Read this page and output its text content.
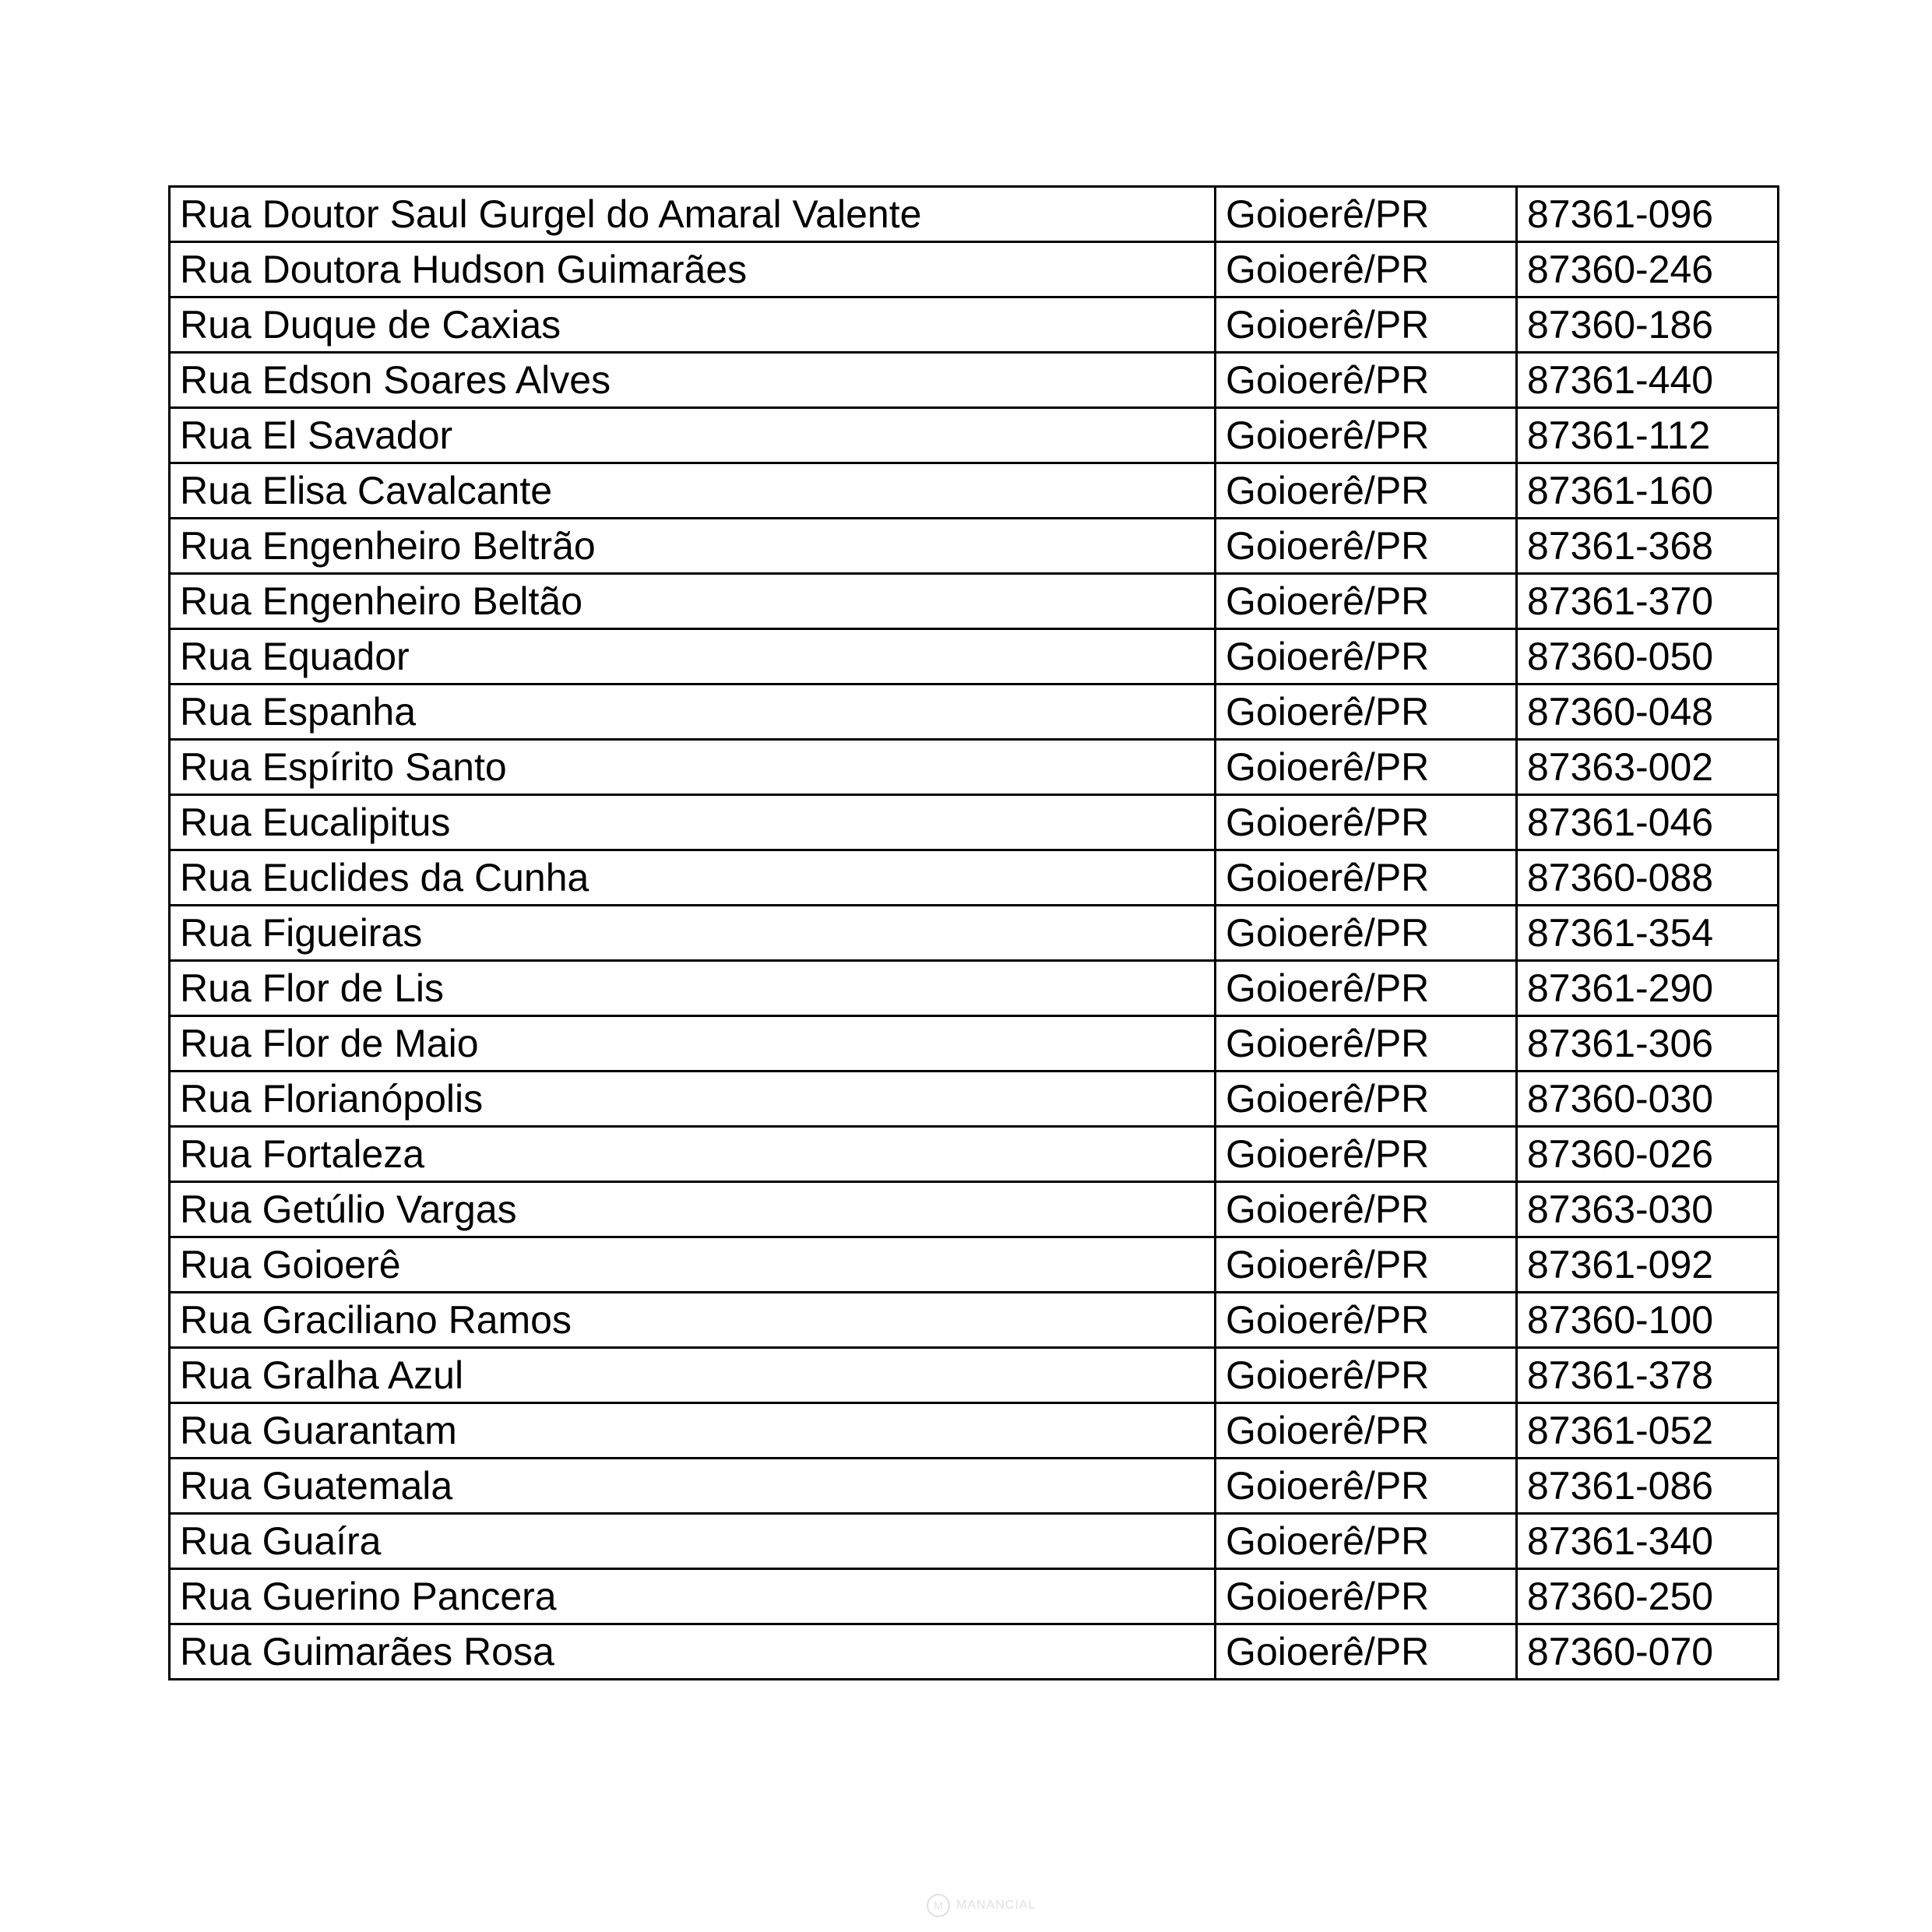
Rua Doutor Saul Gurgel do Amaral Valente	Goioerê/PR	87361-096
Rua Doutora Hudson Guimarães	Goioerê/PR	87360-246
Rua Duque de Caxias	Goioerê/PR	87360-186
Rua Edson Soares Alves	Goioerê/PR	87361-440
Rua El Savador	Goioerê/PR	87361-112
Rua Elisa Cavalcante	Goioerê/PR	87361-160
Rua Engenheiro Beltrão	Goioerê/PR	87361-368
Rua Engenheiro Beltão	Goioerê/PR	87361-370
Rua Equador	Goioerê/PR	87360-050
Rua Espanha	Goioerê/PR	87360-048
Rua Espírito Santo	Goioerê/PR	87363-002
Rua Eucalipitus	Goioerê/PR	87361-046
Rua Euclides da Cunha	Goioerê/PR	87360-088
Rua Figueiras	Goioerê/PR	87361-354
Rua Flor de Lis	Goioerê/PR	87361-290
Rua Flor de Maio	Goioerê/PR	87361-306
Rua Florianópolis	Goioerê/PR	87360-030
Rua Fortaleza	Goioerê/PR	87360-026
Rua Getúlio Vargas	Goioerê/PR	87363-030
Rua Goioerê	Goioerê/PR	87361-092
Rua Graciliano Ramos	Goioerê/PR	87360-100
Rua Gralha Azul	Goioerê/PR	87361-378
Rua Guarantam	Goioerê/PR	87361-052
Rua Guatemala	Goioerê/PR	87361-086
Rua Guaíra	Goioerê/PR	87361-340
Rua Guerino Pancera	Goioerê/PR	87360-250
Rua Guimarães Rosa	Goioerê/PR	87360-070
M	MANANCIAL
